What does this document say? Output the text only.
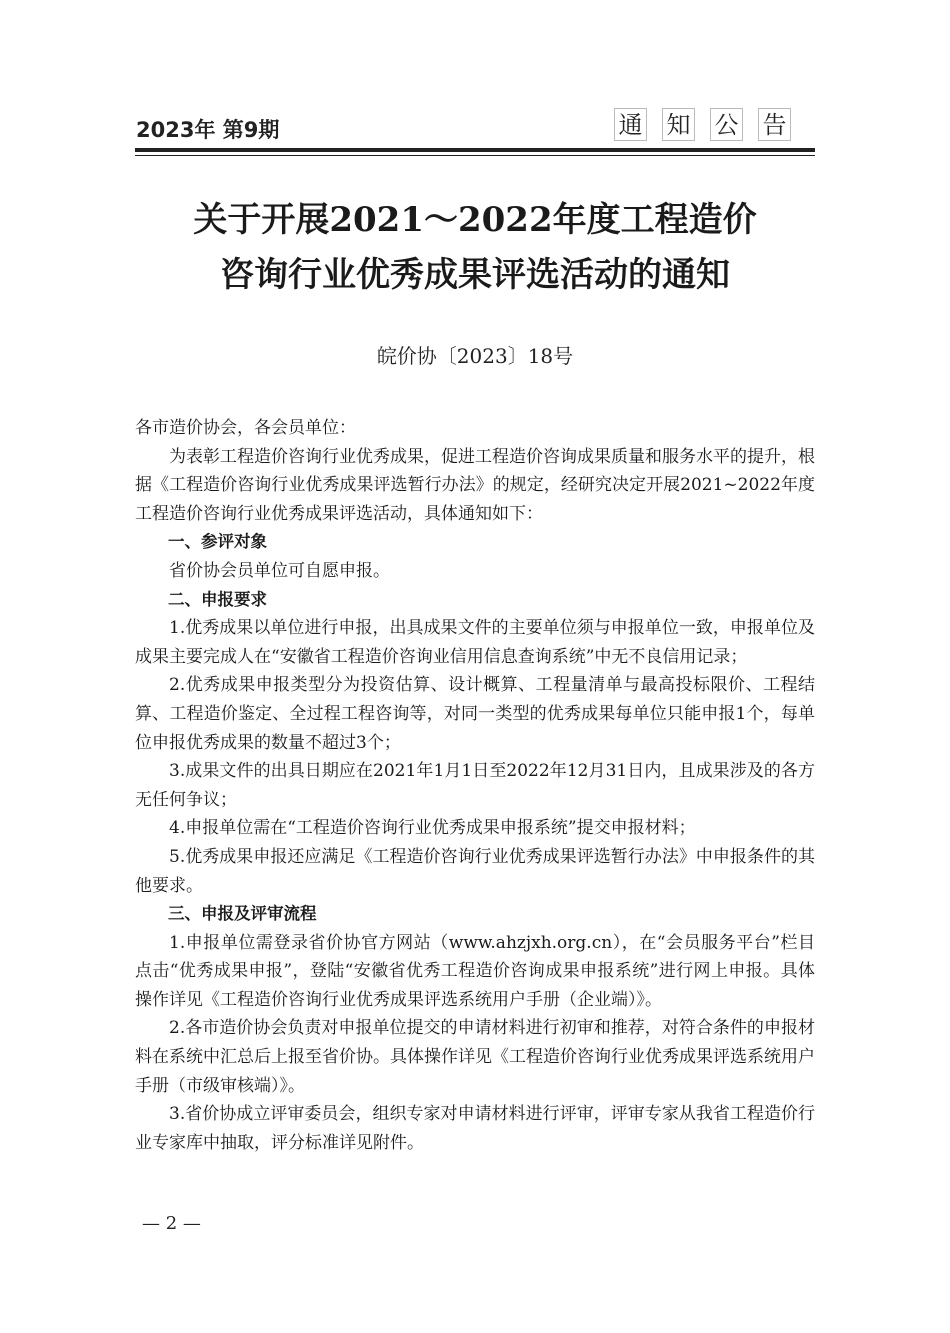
2023年 第9期	通 知 公 告
关于开展2021～2022年度工程造价
咨询行业优秀成果评选活动的通知
皖价协〔2023〕18号

各市造价协会，各会员单位：

为表彰工程造价咨询行业优秀成果，促进工程造价咨询成果质量和服务水平的提升，根据《工程造价咨询行业优秀成果评选暂行办法》的规定，经研究决定开展2021~2022年度工程造价咨询行业优秀成果评选活动，具体通知如下：

一、参评对象

省价协会员单位可自愿申报。

二、申报要求

1.优秀成果以单位进行申报，出具成果文件的主要单位须与申报单位一致，申报单位及成果主要完成人在“安徽省工程造价咨询业信用信息查询系统”中无不良信用记录；

2.优秀成果申报类型分为投资估算、设计概算、工程量清单与最高投标限价、工程结算、工程造价鉴定、全过程工程咨询等，对同一类型的优秀成果每单位只能申报1个，每单位申报优秀成果的数量不超过3个；

3.成果文件的出具日期应在2021年1月1日至2022年12月31日内，且成果涉及的各方无任何争议；

4.申报单位需在“工程造价咨询行业优秀成果申报系统”提交申报材料；

5.优秀成果申报还应满足《工程造价咨询行业优秀成果评选暂行办法》中申报条件的其他要求。

三、申报及评审流程

1.申报单位需登录省价协官方网站（www.ahzjxh.org.cn），在“会员服务平台”栏目点击“优秀成果申报”，登陆“安徽省优秀工程造价咨询成果申报系统”进行网上申报。具体操作详见《工程造价咨询行业优秀成果评选系统用户手册（企业端）》。

2.各市造价协会负责对申报单位提交的申请材料进行初审和推荐，对符合条件的申报材料在系统中汇总后上报至省价协。具体操作详见《工程造价咨询行业优秀成果评选系统用户手册（市级审核端）》。

3.省价协成立评审委员会，组织专家对申请材料进行评审，评审专家从我省工程造价行业专家库中抽取，评分标准详见附件。

— 2 —
